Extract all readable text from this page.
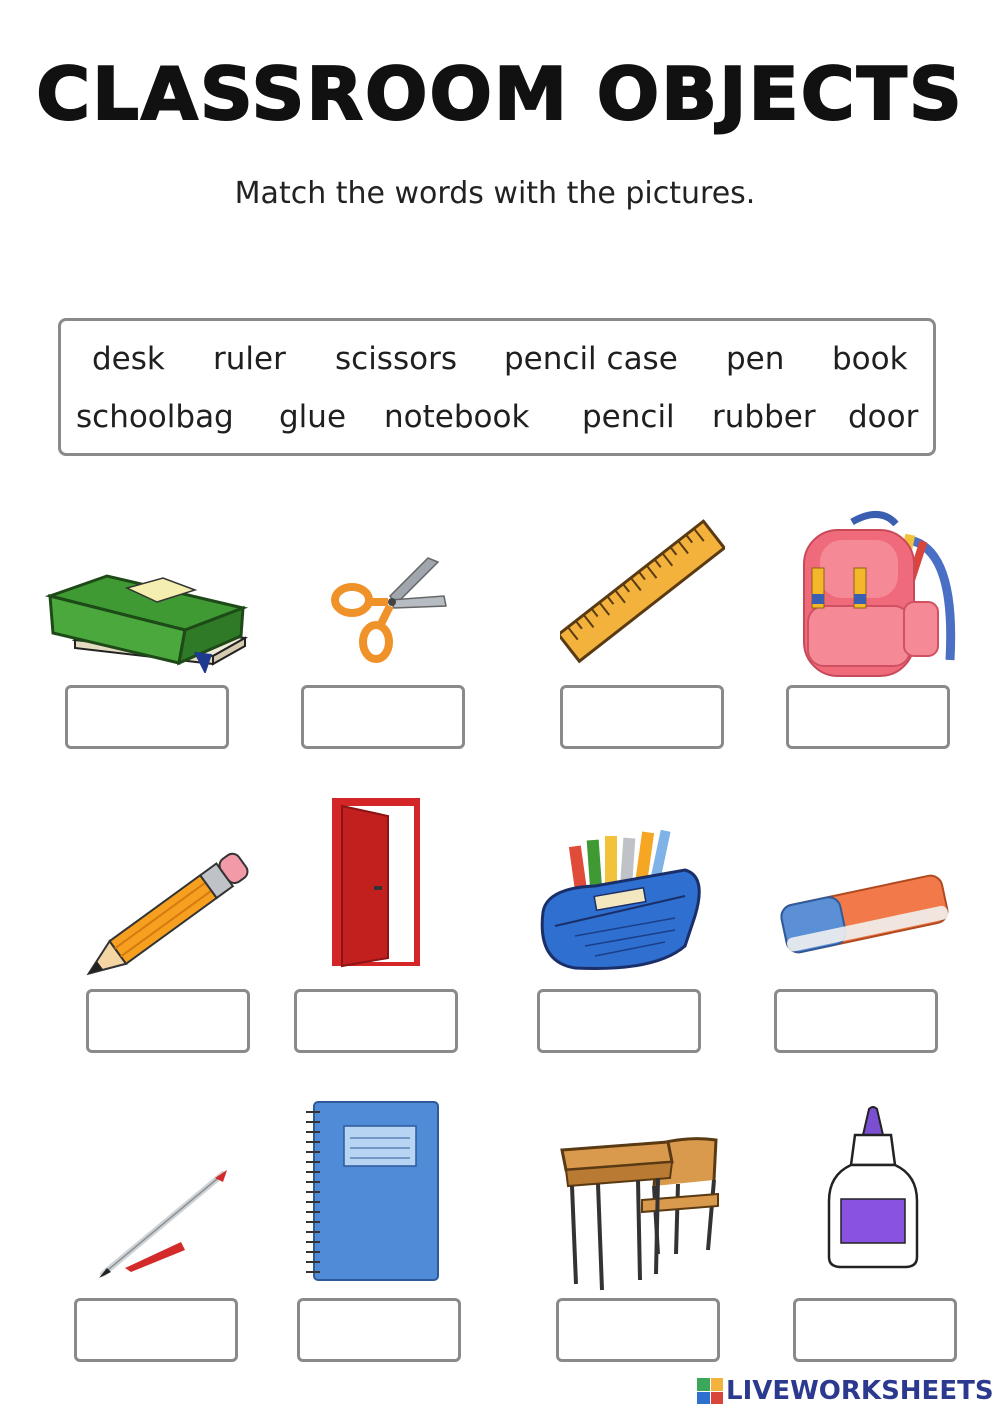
CLASSROOM OBJECTS
Match the words with the pictures.
desk ruler scissors pencil case pen book
schoolbag glue notebook pencil rubber door
LIVEWORKSHEETS
